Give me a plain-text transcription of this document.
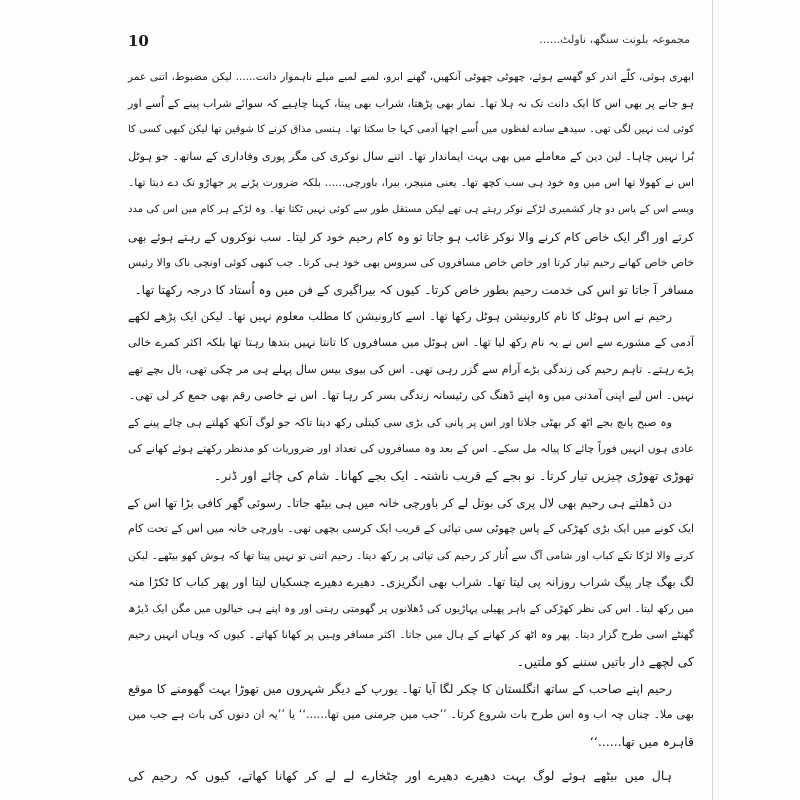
10	مجموعہ بلونت سنگھ، ناولٹ......
ابھری ہوئی، کلّے اندر کو گھسے ہوئے، چھوٹی چھوٹی آنکھیں، گھنے ابرو، لمبے لمبے میلے ناہموار دانت...... لیکن مضبوط، اتنی عمر
ہو جانے پر بھی اس کا ایک دانت تک نہ ہلا تھا۔ نماز بھی پڑھتا، شراب بھی پیتا، کہنا چاہیے کہ سوائے شراب پینے کے اُسے اور
کوئی لت نہیں لگی تھی۔ سیدھے سادے لفظوں میں اُسے اچھا آدمی کہا جا سکتا تھا۔ ہنسی مذاق کرنے کا شوقین تھا لیکن کبھی کسی کا
بُرا نہیں چاہا۔ لین دین کے معاملے میں بھی بہت ایماندار تھا۔ اتنے سال نوکری کی مگر پوری وفاداری کے ساتھ۔ جو ہوٹل
اس نے کھولا تھا اس میں وہ خود ہی سب کچھ تھا۔ یعنی منیجر، بیرا، باورچی...... بلکہ ضرورت پڑنے پر جھاڑو تک دے دیتا تھا۔
ویسے اس کے پاس دو چار کشمیری لڑکے نوکر رہتے ہی تھے لیکن مستقل طور سے کوئی نہیں ٹکتا تھا۔ وہ لڑکے ہر کام میں اس کی مدد
کرتے اور اگر ایک خاص کام کرنے والا نوکر غائب ہو جاتا تو وہ کام رحیم خود کر لیتا۔ سب نوکروں کے رہتے ہوئے بھی
خاص خاص کھانے رحیم تیار کرتا اور خاص خاص مسافروں کی سروس بھی خود ہی کرتا۔ جب کبھی کوئی اونچی ناک والا رئیس
مسافر آ جاتا تو اس کی خدمت رحیم بطور خاص کرتا۔ کیوں کہ بیراگیری کے فن میں وہ اُستاد کا درجہ رکھتا تھا۔
رحیم نے اس ہوٹل کا نام کارونیشن ہوٹل رکھا تھا۔ اسے کارونیشن کا مطلب معلوم نہیں تھا۔ لیکن ایک پڑھے لکھے
آدمی کے مشورے سے اس نے یہ نام رکھ لیا تھا۔ اس ہوٹل میں مسافروں کا تانتا نہیں بندھا رہتا تھا بلکہ اکثر کمرے خالی
پڑے رہتے۔ تاہم رحیم کی زندگی بڑے آرام سے گزر رہی تھی۔ اس کی بیوی بیس سال پہلے ہی مر چکی تھی، بال بچے تھے
نہیں۔ اس لیے اپنی آمدنی میں وہ اپنے ڈھنگ کی رئیسانہ زندگی بسر کر رہا تھا۔ اس نے خاصی رقم بھی جمع کر لی تھی۔
وہ صبح پانچ بجے اٹھ کر بھٹی جلاتا اور اس پر پانی کی بڑی سی کیتلی رکھ دیتا تاکہ جو لوگ آنکھ کھلتے ہی چائے پینے کے
عادی ہوں انہیں فوراً چائے کا پیالہ مل سکے۔ اس کے بعد وہ مسافروں کی تعداد اور ضروریات کو مدنظر رکھتے ہوئے کھانے کی
تھوڑی تھوڑی چیزیں تیار کرتا۔ نو بجے کے قریب ناشتہ۔ ایک بجے کھانا۔ شام کی چائے اور ڈنر۔
دن ڈھلتے ہی رحیم بھی لال پری کی بوتل لے کر باورچی خانہ میں ہی بیٹھ جاتا۔ رسوئی گھر کافی بڑا تھا اس کے
ایک کونے میں ایک بڑی کھڑکی کے پاس چھوٹی سی تپائی کے قریب ایک کرسی بچھی تھی۔ باورچی خانہ میں اس کے تحت کام
کرنے والا لڑکا تکے کباب اور شامی آگ سے اُتار کر رحیم کی تپائی پر رکھ دیتا۔ رحیم اتنی تو نہیں پیتا تھا کہ ہوش کھو بیٹھے۔ لیکن
لگ بھگ چار پیگ شراب روزانہ پی لیتا تھا۔ شراب بھی انگریزی۔ دھیرے دھیرے چسکیاں لیتا اور پھر کباب کا ٹکڑا منہ
میں رکھ لیتا۔ اس کی نظر کھڑکی کے باہر پھیلی پہاڑیوں کی ڈھلانوں پر گھومتی رہتی اور وہ اپنے ہی خیالوں میں مگن ایک ڈیڑھ
گھنٹے اسی طرح گزار دیتا۔ پھر وہ اٹھ کر کھانے کے ہال میں جاتا۔ اکثر مسافر وہیں پر کھانا کھاتے۔ کیوں کہ وہاں انہیں رحیم
کی لچھے دار باتیں سننے کو ملتیں۔
رحیم اپنے صاحب کے ساتھ انگلستان کا چکر لگا آیا تھا۔ یورپ کے دیگر شہروں میں تھوڑا بہت گھومنے کا موقع
بھی ملا۔ چناں چہ اب وہ اس طرح بات شروع کرتا۔ ’’جب میں جرمنی میں تھا......‘‘ یا ’’یہ ان دنوں کی بات ہے جب میں
قاہرہ میں تھا......‘‘
ہال میں بیٹھے ہوئے لوگ بہت دھیرے دھیرے اور چٹخارے لے لے کر کھانا کھاتے، کیوں کہ رحیم کی
